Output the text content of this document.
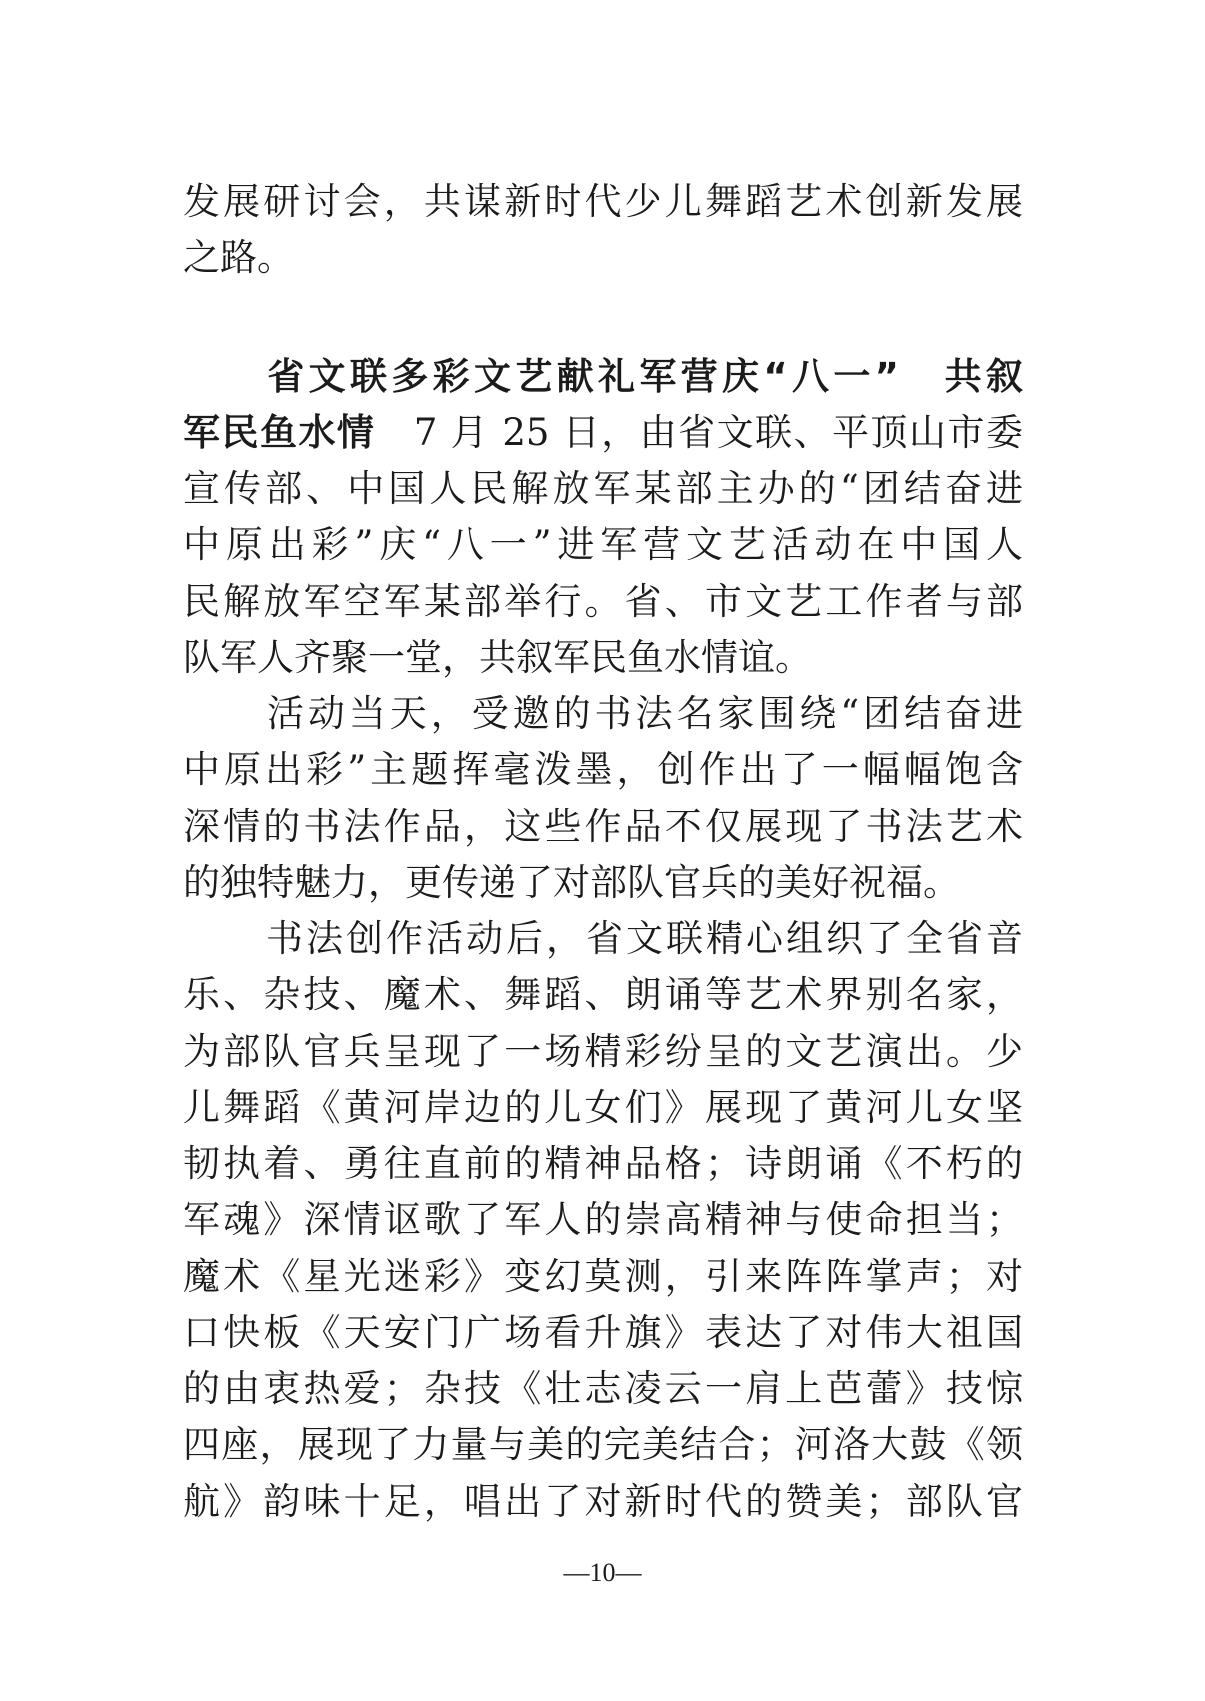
发展研讨会，共谋新时代少儿舞蹈艺术创新发展
之路。
省文联多彩文艺献礼军营庆“八一”　共叙
军民鱼水情　7 月 25 日，由省文联、平顶山市委
宣传部、中国人民解放军某部主办的“团结奋进
中原出彩”庆“八一”进军营文艺活动在中国人
民解放军空军某部举行。省、市文艺工作者与部
队军人齐聚一堂，共叙军民鱼水情谊。
活动当天，受邀的书法名家围绕“团结奋进
中原出彩”主题挥毫泼墨，创作出了一幅幅饱含
深情的书法作品，这些作品不仅展现了书法艺术
的独特魅力，更传递了对部队官兵的美好祝福。
书法创作活动后，省文联精心组织了全省音
乐、杂技、魔术、舞蹈、朗诵等艺术界别名家，
为部队官兵呈现了一场精彩纷呈的文艺演出。少
儿舞蹈《黄河岸边的儿女们》展现了黄河儿女坚
韧执着、勇往直前的精神品格；诗朗诵《不朽的
军魂》深情讴歌了军人的崇高精神与使命担当；
魔术《星光迷彩》变幻莫测，引来阵阵掌声；对
口快板《天安门广场看升旗》表达了对伟大祖国
的由衷热爱；杂技《壮志凌云一肩上芭蕾》技惊
四座，展现了力量与美的完美结合；河洛大鼓《领
航》韵味十足，唱出了对新时代的赞美；部队官
—10—
